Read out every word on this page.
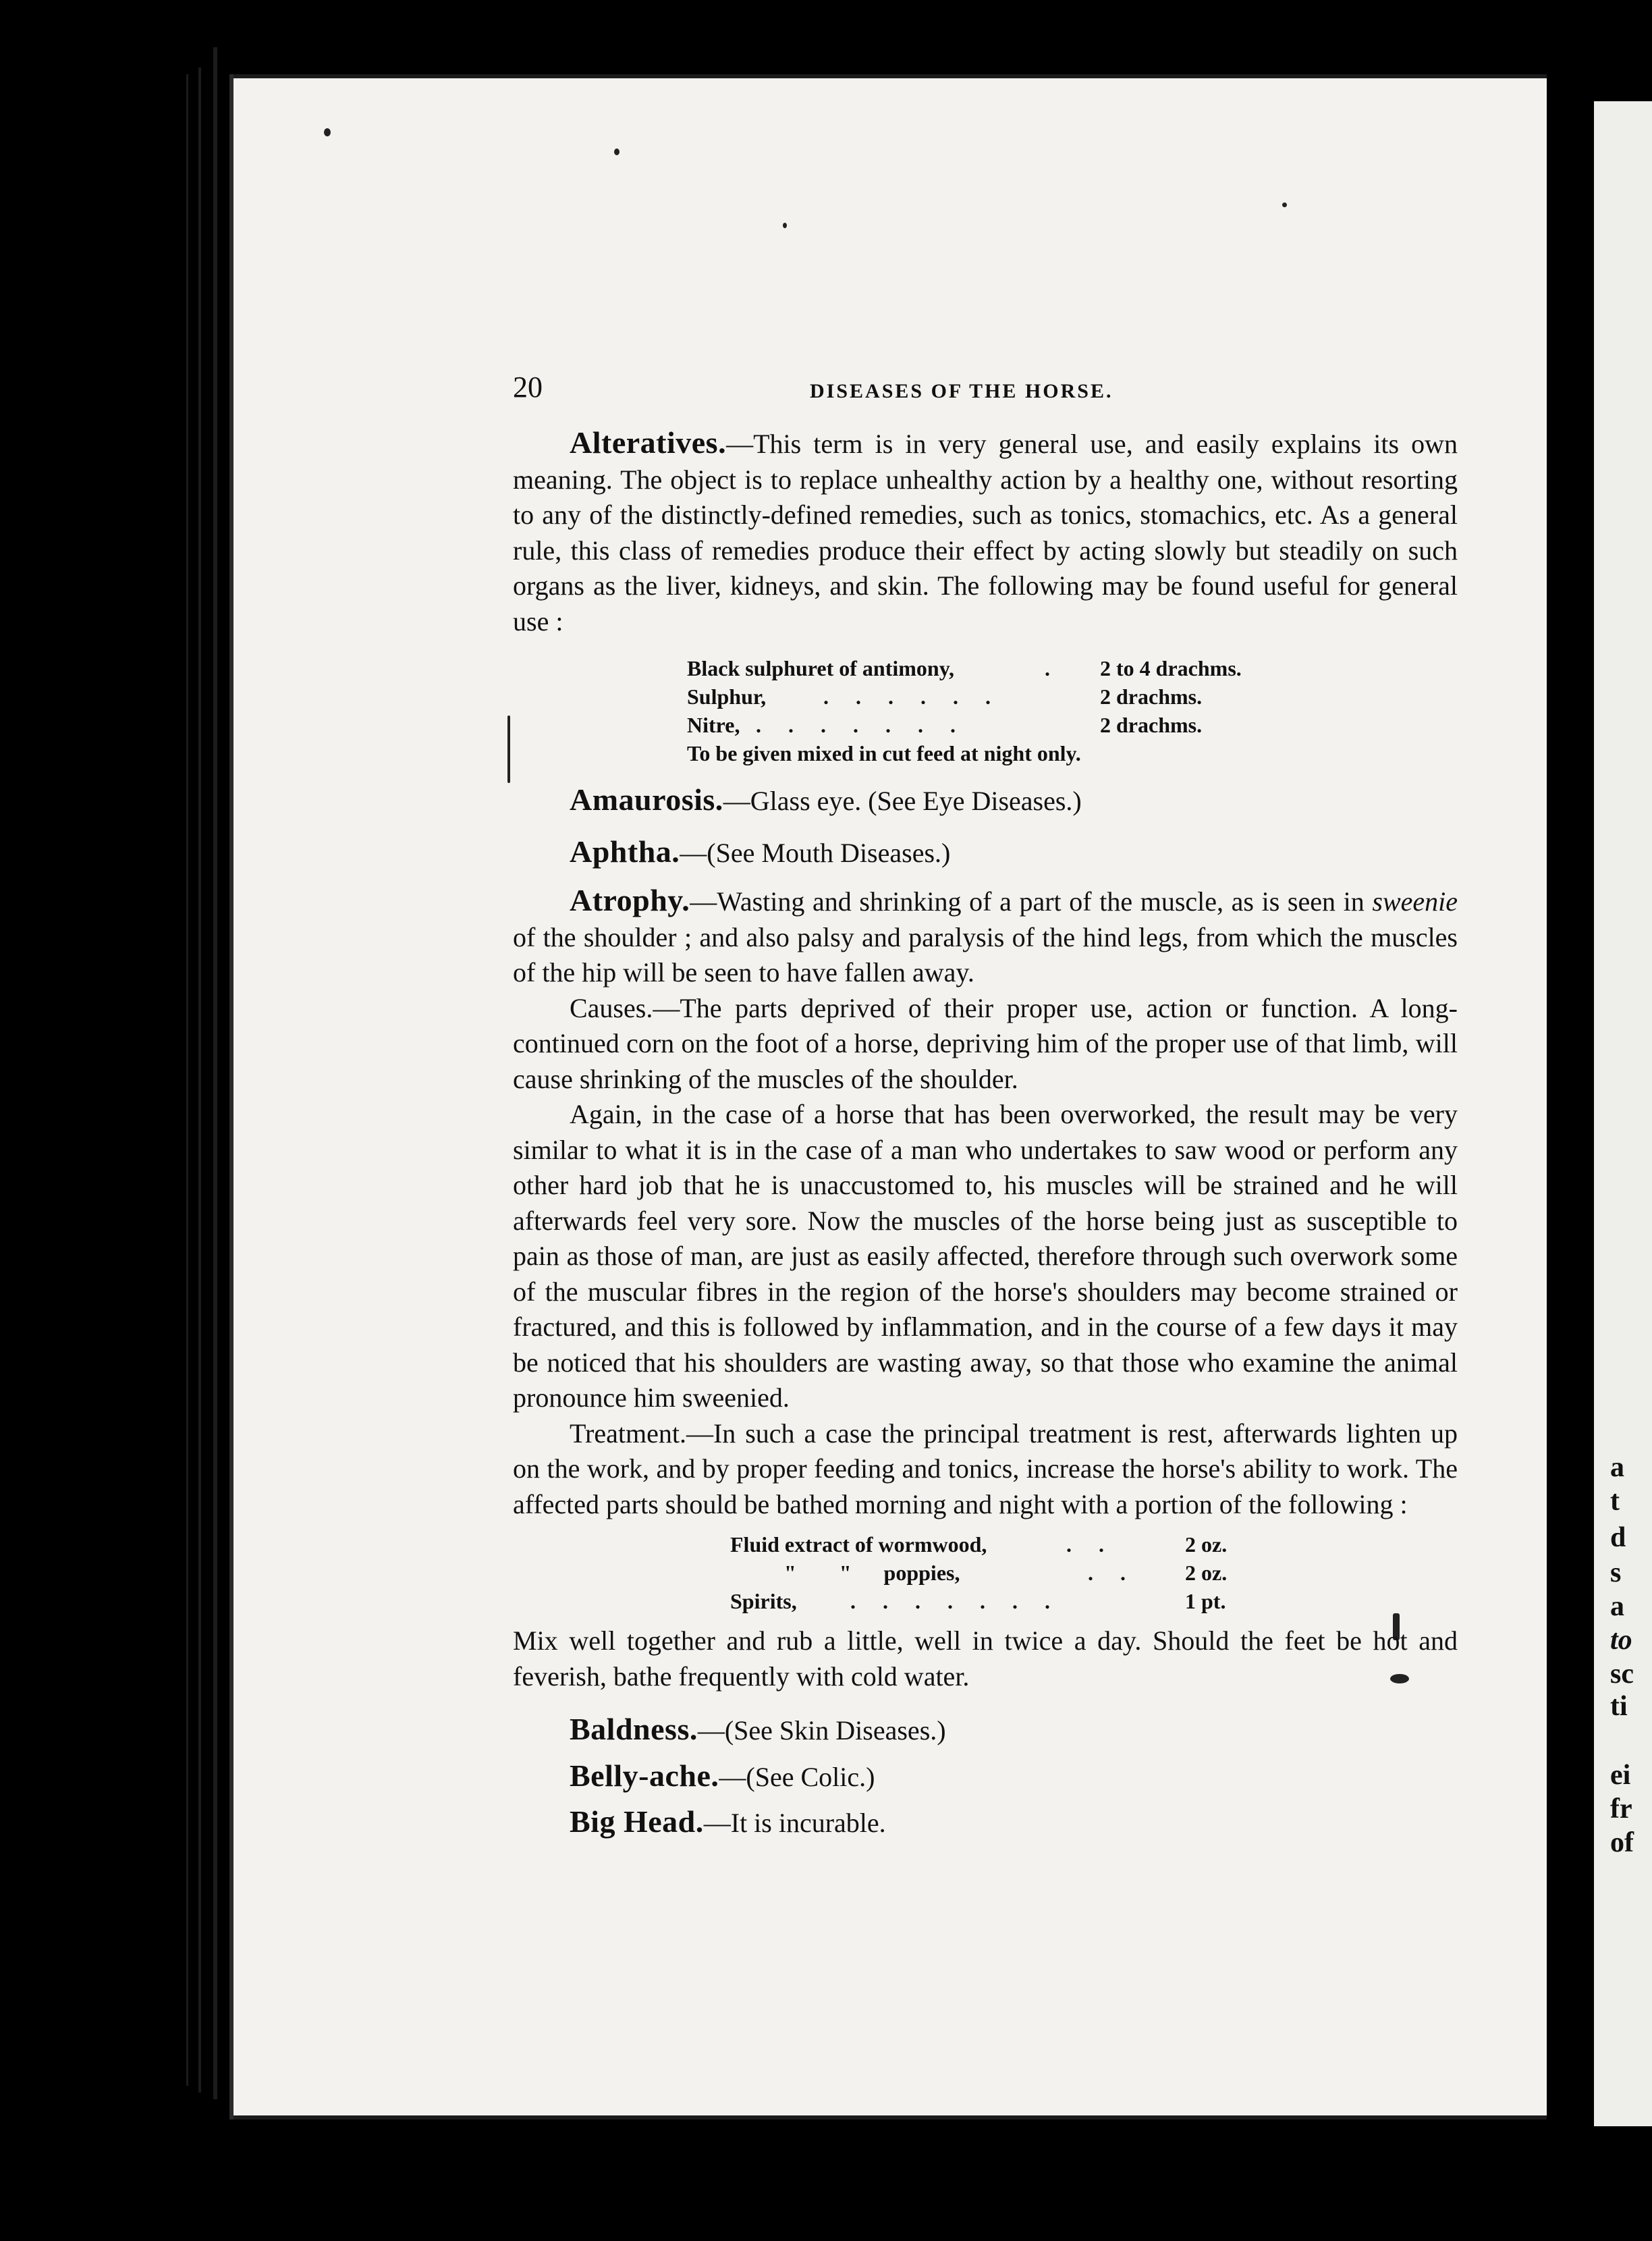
a
t
d
s
a
to
sc
ti
ei
fr
of
20	DISEASES OF THE HORSE.

Alteratives.—This term is in very general use, and easily explains its own meaning. The object is to replace unhealthy action by a healthy one, without resorting to any of the distinctly-defined remedies, such as tonics, stomachics, etc. As a general rule, this class of remedies produce their effect by acting slowly but steadily on such organs as the liver, kidneys, and skin. The following may be found useful for general use :

Black sulphuret of antimony,	. 2 to 4 drachms.
Sulphur,	. . . . . .	2 drachms.
Nitre, . . . . . . .	2 drachms.
To be given mixed in cut feed at night only.
Amaurosis.—Glass eye. (See Eye Diseases.)
Aphtha.—(See Mouth Diseases.)

Atrophy.—Wasting and shrinking of a part of the muscle, as is seen in sweenie of the shoulder ; and also palsy and paralysis of the hind legs, from which the muscles of the hip will be seen to have fallen away.

Causes.—The parts deprived of their proper use, action or function. A long-continued corn on the foot of a horse, depriving him of the proper use of that limb, will cause shrinking of the muscles of the shoulder.

Again, in the case of a horse that has been overworked, the result may be very similar to what it is in the case of a man who undertakes to saw wood or perform any other hard job that he is unaccustomed to, his muscles will be strained and he will afterwards feel very sore. Now the muscles of the horse being just as susceptible to pain as those of man, are just as easily affected, therefore through such overwork some of the muscular fibres in the region of the horse's shoulders may become strained or fractured, and this is followed by inflammation, and in the course of a few days it may be noticed that his shoulders are wasting away, so that those who examine the animal pronounce him sweenied.

Treatment.—In such a case the principal treatment is rest, afterwards lighten up on the work, and by proper feeding and tonics, increase the horse's ability to work. The affected parts should be bathed morning and night with a portion of the following :

Fluid extract of wormwood,	. .	2 oz.
"        "      poppies,	. . 2 oz.
Spirits, . . . . . . .	1 pt.

Mix well together and rub a little, well in twice a day. Should the feet be hot and feverish, bathe frequently with cold water.

Baldness.—(See Skin Diseases.)
Belly-ache.—(See Colic.)
Big Head.—It is incurable.
